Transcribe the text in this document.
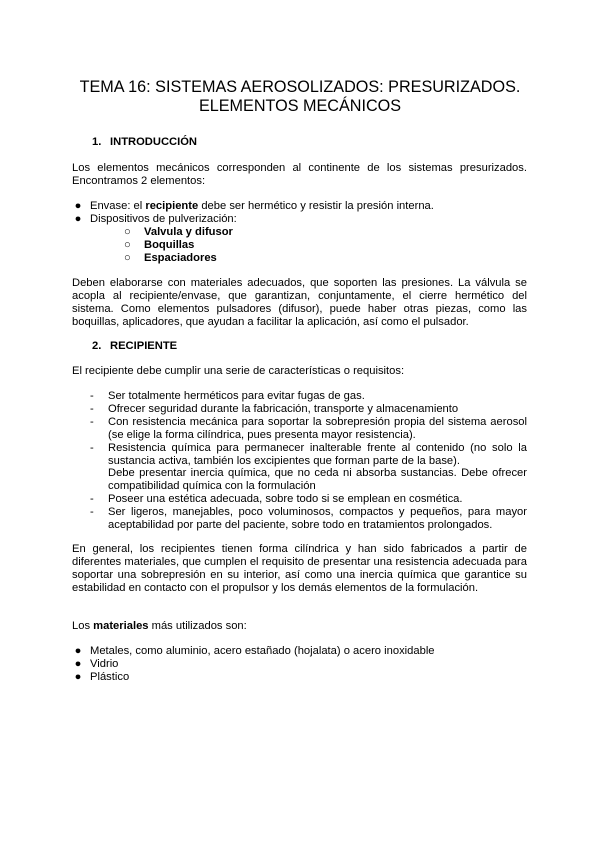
TEMA 16: SISTEMAS AEROSOLIZADOS: PRESURIZADOS.
ELEMENTOS MECÁNICOS
1. INTRODUCCIÓN

Los elementos mecánicos corresponden al continente de los sistemas presurizados. Encontramos 2 elementos:

● Envase: el recipiente debe ser hermético y resistir la presión interna.
● Dispositivos de pulverización:
○ Valvula y difusor
○ Boquillas
○ Espaciadores

Deben elaborarse con materiales adecuados, que soporten las presiones. La válvula se acopla al recipiente/envase, que garantizan, conjuntamente, el cierre hermético del sistema. Como elementos pulsadores (difusor), puede haber otras piezas, como las boquillas, aplicadores, que ayudan a facilitar la aplicación, así como el pulsador.

2. RECIPIENTE

El recipiente debe cumplir una serie de características o requisitos:

- Ser totalmente herméticos para evitar fugas de gas.
- Ofrecer seguridad durante la fabricación, transporte y almacenamiento
- Con resistencia mecánica para soportar la sobrepresión propia del sistema aerosol (se elige la forma cilíndrica, pues presenta mayor resistencia).
- Resistencia química para permanecer inalterable frente al contenido (no solo la sustancia activa, también los excipientes que forman parte de la base).
Debe presentar inercia química, que no ceda ni absorba sustancias. Debe ofrecer compatibilidad química con la formulación
- Poseer una estética adecuada, sobre todo si se emplean en cosmética.
- Ser ligeros, manejables, poco voluminosos, compactos y pequeños, para mayor aceptabilidad por parte del paciente, sobre todo en tratamientos prolongados.

En general, los recipientes tienen forma cilíndrica y han sido fabricados a partir de diferentes materiales, que cumplen el requisito de presentar una resistencia adecuada para soportar una sobrepresión en su interior, así como una inercia química que garantice su estabilidad en contacto con el propulsor y los demás elementos de la formulación.

Los materiales más utilizados son:

● Metales, como aluminio, acero estañado (hojalata) o acero inoxidable
● Vidrio
● Plástico
